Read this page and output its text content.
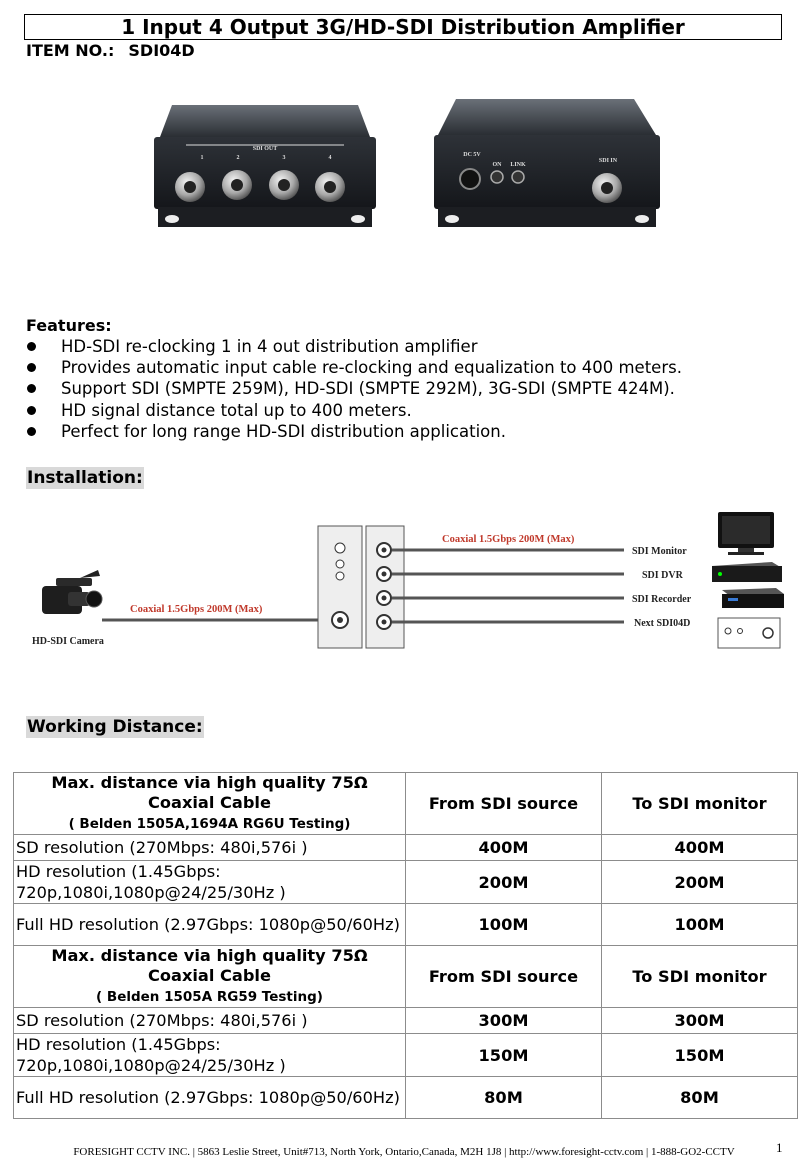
1 Input 4 Output 3G/HD-SDI Distribution Amplifier
ITEM NO.: SDI04D
SDI OUT
1	2	3	4	DC 5V
ON LINK
SDI IN
Features:
HD-SDI re-clocking 1 in 4 out distribution amplifier
Provides automatic input cable re-clocking and equalization to 400 meters.
Support SDI (SMPTE 259M), HD-SDI (SMPTE 292M), 3G-SDI (SMPTE 424M).
HD signal distance total up to 400 meters.
Perfect for long range HD-SDI distribution application.
Installation:
HD-SDI Camera
Coaxial 1.5Gbps 200M (Max)
Coaxial 1.5Gbps 200M (Max)
SDI Monitor
SDI DVR
SDI Recorder
Next SDI04D
Working Distance:
Max. distance via high quality 75Ω Coaxial Cable
( Belden 1505A,1694A RG6U Testing)	From SDI source	To SDI monitor
SD resolution (270Mbps: 480i,576i )	400M	400M
HD resolution (1.45Gbps: 720p,1080i,1080p@24/25/30Hz )	200M	200M
Full HD resolution (2.97Gbps: 1080p@50/60Hz)	100M	100M
Max. distance via high quality 75Ω Coaxial Cable
( Belden 1505A RG59 Testing)	From SDI source	To SDI monitor
SD resolution (270Mbps: 480i,576i )	300M	300M
HD resolution (1.45Gbps: 720p,1080i,1080p@24/25/30Hz )	150M	150M
Full HD resolution (2.97Gbps: 1080p@50/60Hz)	80M	80M
FORESIGHT CCTV INC. | 5863 Leslie Street, Unit#713, North York, Ontario,Canada, M2H 1J8 | http://www.foresight-cctv.com | 1-888-GO2-CCTV	1
